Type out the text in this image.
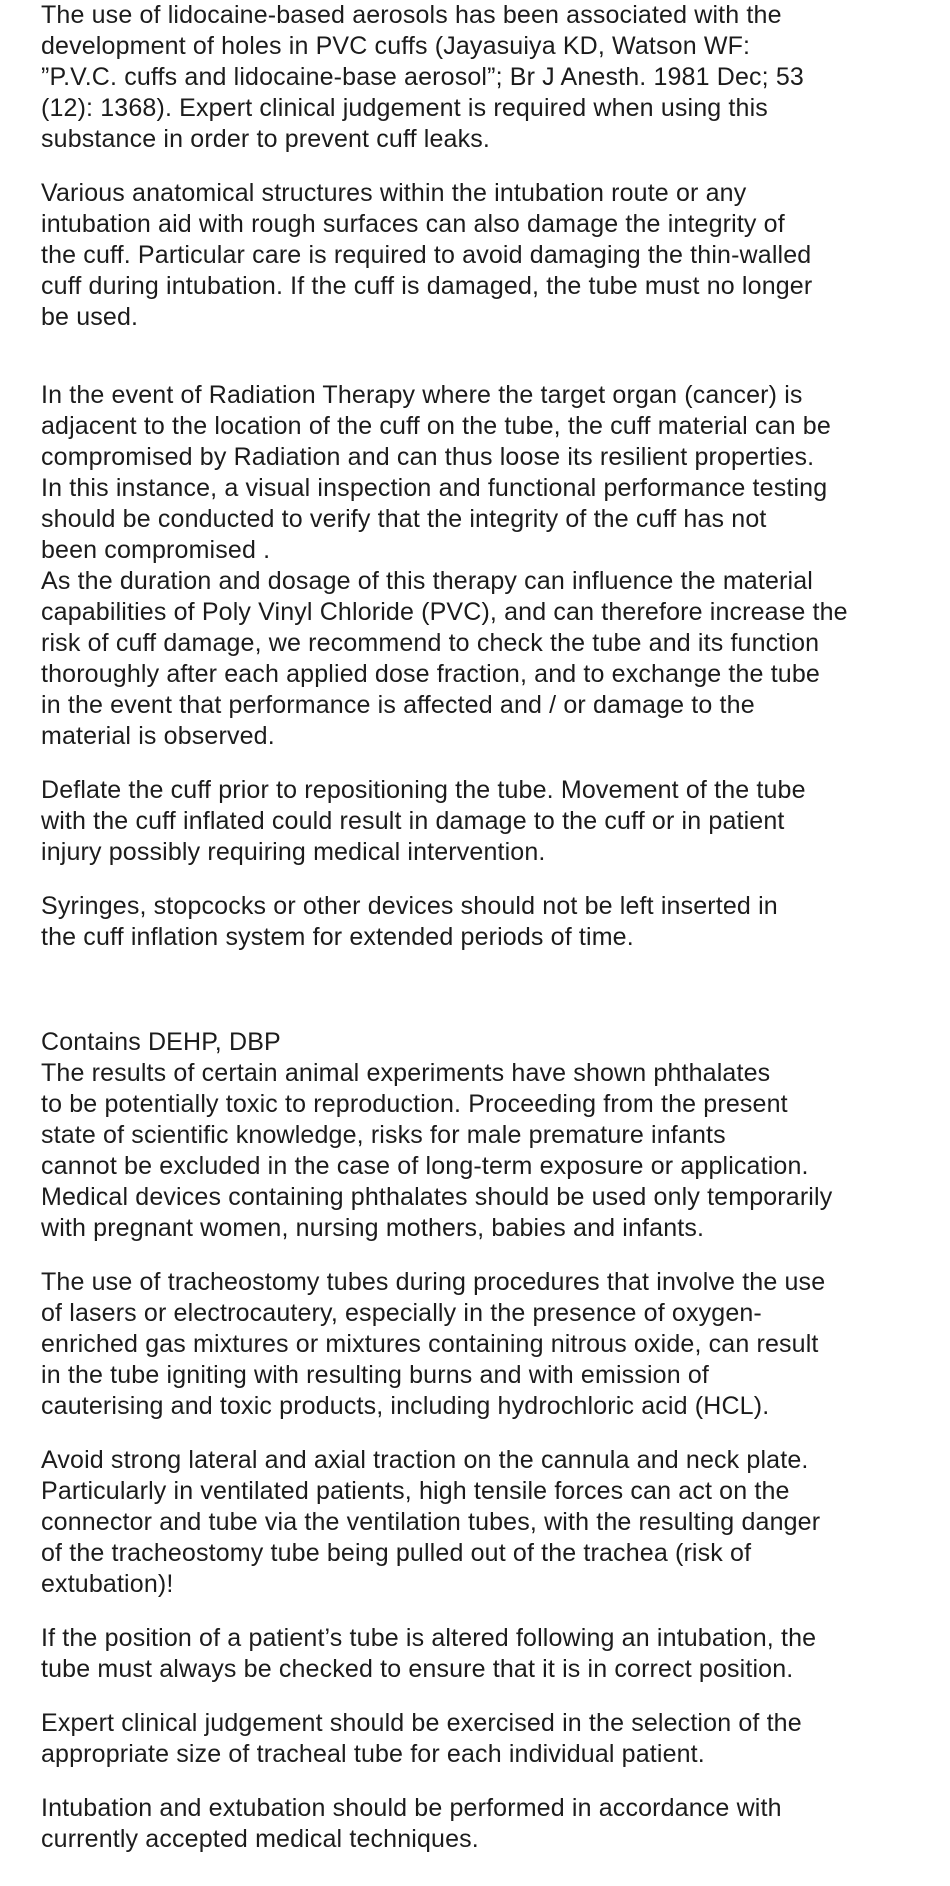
The use of lidocaine-based aerosols has been associated with the
development of holes in PVC cuffs (Jayasuiya KD, Watson WF:
”P.V.C. cuffs and lidocaine-base aerosol”; Br J Anesth. 1981 Dec; 53
(12): 1368). Expert clinical judgement is required when using this
substance in order to prevent cuff leaks.

Various anatomical structures within the intubation route or any
intubation aid with rough surfaces can also damage the integrity of
the cuff. Particular care is required to avoid damaging the thin-walled
cuff during intubation. If the cuff is damaged, the tube must no longer
be used.

In the event of Radiation Therapy where the target organ (cancer) is
adjacent to the location of the cuff on the tube, the cuff material can be
compromised by Radiation and can thus loose its resilient properties.
In this instance, a visual inspection and functional performance testing
should be conducted to verify that the integrity of the cuff has not
been compromised .

As the duration and dosage of this therapy can influence the material
capabilities of Poly Vinyl Chloride (PVC), and can therefore increase the
risk of cuff damage, we recommend to check the tube and its function
thoroughly after each applied dose fraction, and to exchange the tube
in the event that performance is affected and / or damage to the
material is observed.

Deflate the cuff prior to repositioning the tube. Movement of the tube
with the cuff inflated could result in damage to the cuff or in patient
injury possibly requiring medical intervention.

Syringes, stopcocks or other devices should not be left inserted in
the cuff inflation system for extended periods of time.

Contains DEHP, DBP
The results of certain animal experiments have shown phthalates
to be potentially toxic to reproduction. Proceeding from the present
state of scientific knowledge, risks for male premature infants
cannot be excluded in the case of long-term exposure or application.
Medical devices containing phthalates should be used only temporarily
with pregnant women, nursing mothers, babies and infants.

The use of tracheostomy tubes during procedures that involve the use
of lasers or electrocautery, especially in the presence of oxygen-
enriched gas mixtures or mixtures containing nitrous oxide, can result
in the tube igniting with resulting burns and with emission of
cauterising and toxic products, including hydrochloric acid (HCL).

Avoid strong lateral and axial traction on the cannula and neck plate.
Particularly in ventilated patients, high tensile forces can act on the
connector and tube via the ventilation tubes, with the resulting danger
of the tracheostomy tube being pulled out of the trachea (risk of
extubation)!

If the position of a patient’s tube is altered following an intubation, the
tube must always be checked to ensure that it is in correct position.

Expert clinical judgement should be exercised in the selection of the
appropriate size of tracheal tube for each individual patient.

Intubation and extubation should be performed in accordance with
currently accepted medical techniques.
